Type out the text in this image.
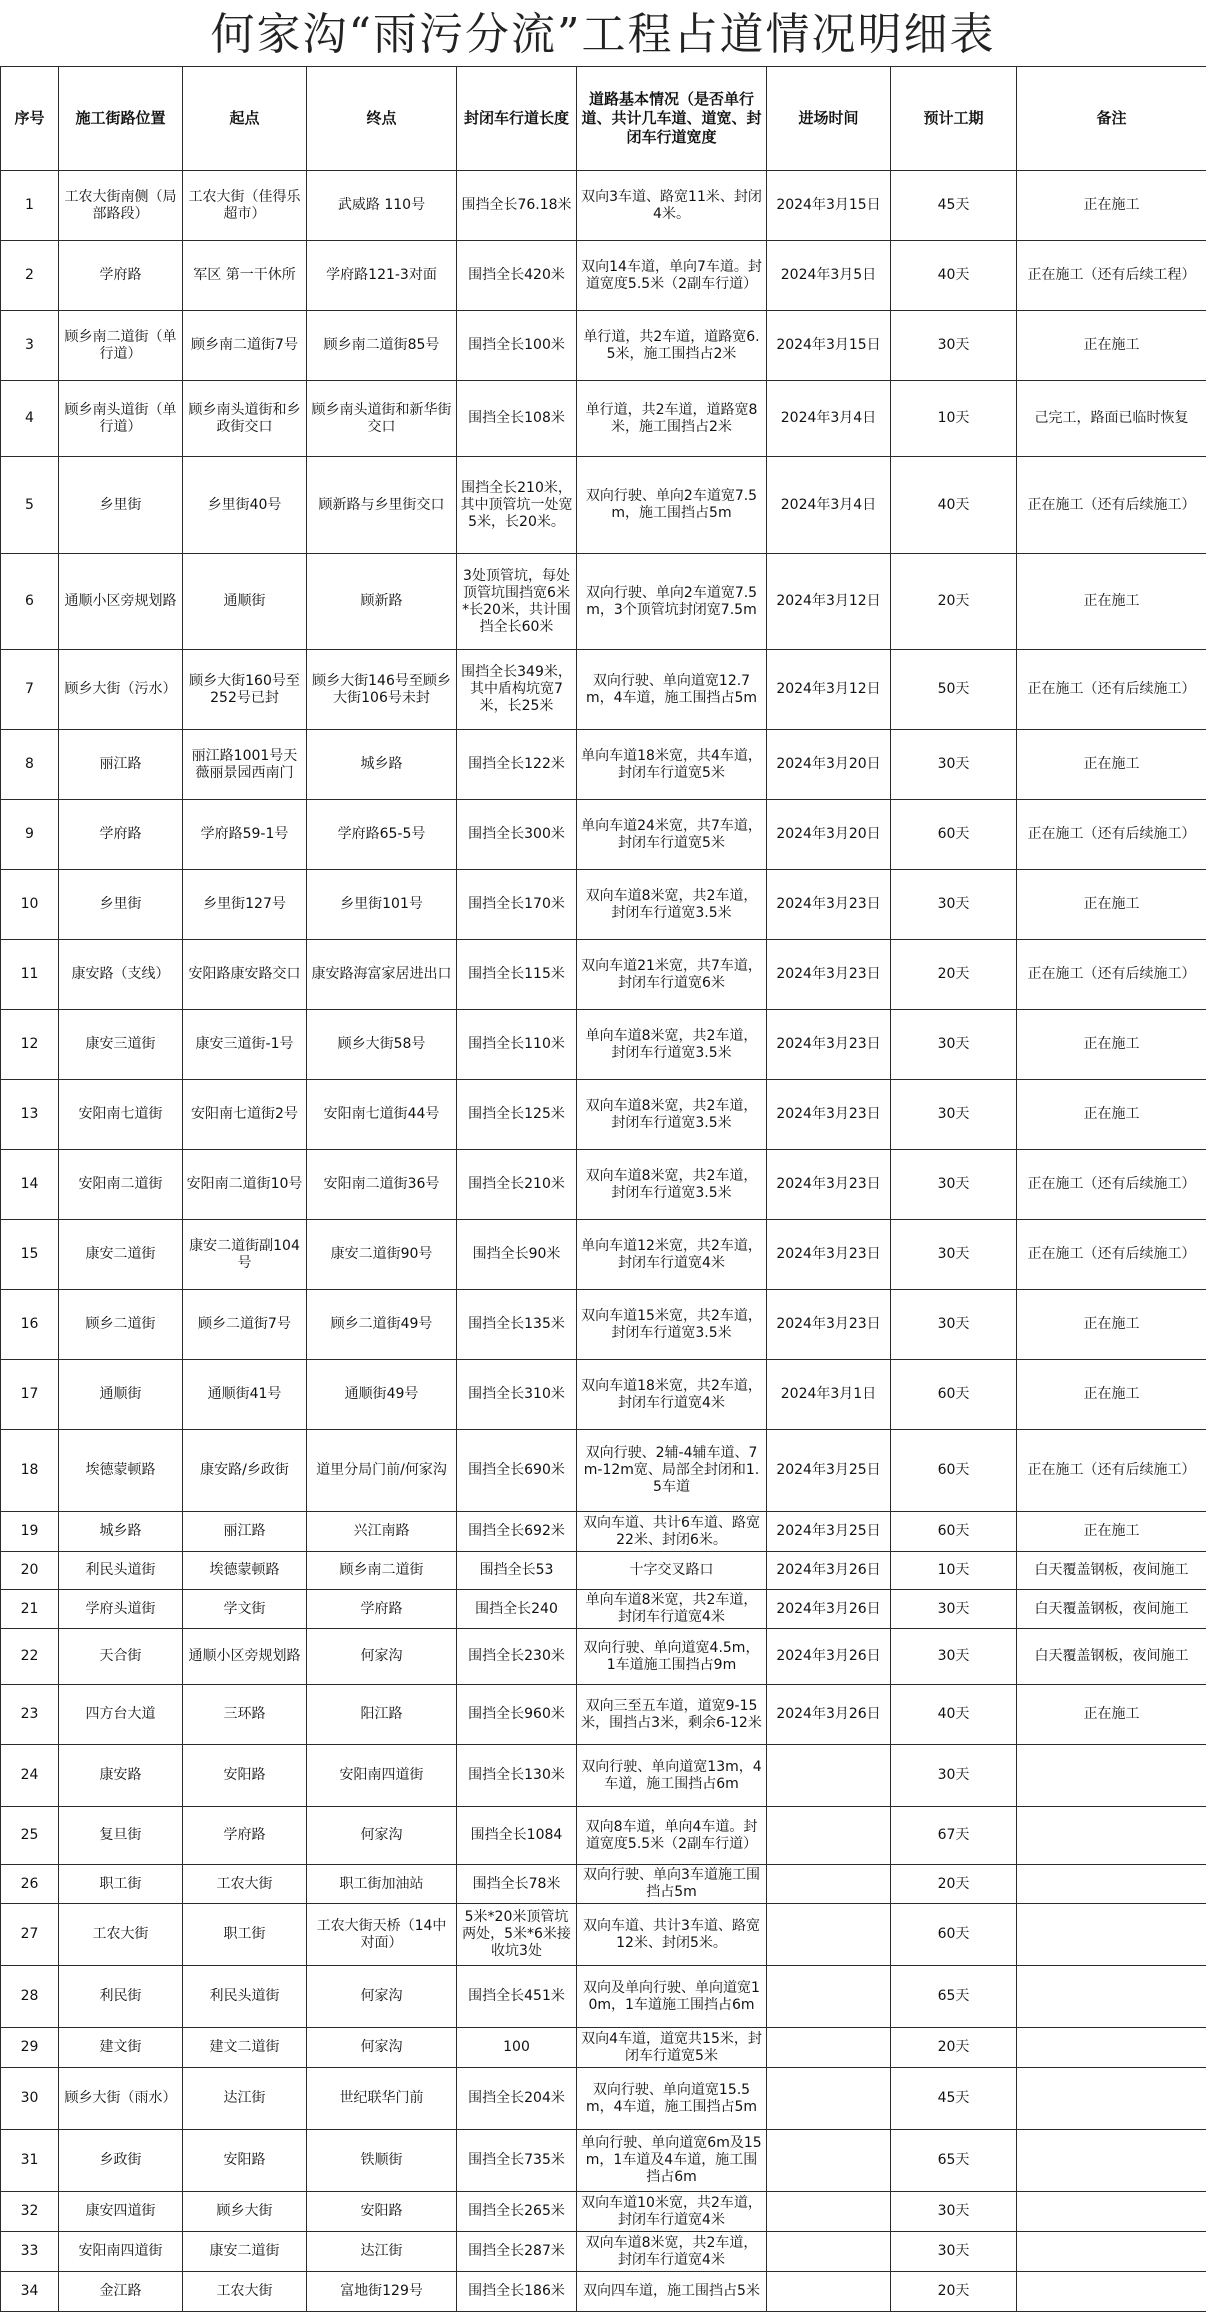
何家沟“雨污分流”工程占道情况明细表
序号	施工街路位置	起点	终点	封闭车行道长度	道路基本情况（是否单行道、共计几车道、道宽、封闭车行道宽度	进场时间	预计工期	备注
1	工农大街南侧（局部路段）	工农大街（佳得乐超市）	武威路 110号	围挡全长76.18米	双向3车道、路宽11米、封闭4米。	2024年3月15日	45天	正在施工
2	学府路	军区 第一干休所	学府路121-3对面	围挡全长420米	双向14车道，单向7车道。封道宽度5.5米（2副车行道）	2024年3月5日	40天	正在施工（还有后续工程）
3	顾乡南二道街（单行道）	顾乡南二道街7号	顾乡南二道街85号	围挡全长100米	单行道，共2车道，道路宽6.5米，施工围挡占2米	2024年3月15日	30天	正在施工
4	顾乡南头道街（单行道）	顾乡南头道街和乡政街交口	顾乡南头道街和新华街交口	围挡全长108米	单行道，共2车道，道路宽8米，施工围挡占2米	2024年3月4日	10天	己完工，路面已临时恢复
5	乡里街	乡里街40号	顾新路与乡里街交口	围挡全长210米，其中顶管坑一处宽5米，长20米。	双向行驶、单向2车道宽7.5m，施工围挡占5m	2024年3月4日	40天	正在施工（还有后续施工）
6	通顺小区旁规划路	通顺街	顾新路	3处顶管坑，每处顶管坑围挡宽6米*长20米，共计围挡全长60米	双向行驶、单向2车道宽7.5m，3个顶管坑封闭宽7.5m	2024年3月12日	20天	正在施工
7	顾乡大街（污水）	顾乡大街160号至252号已封	顾乡大街146号至顾乡大街106号未封	围挡全长349米，其中盾构坑宽7米，长25米	双向行驶、单向道宽12.7m，4车道，施工围挡占5m	2024年3月12日	50天	正在施工（还有后续施工）
8	丽江路	丽江路1001号天薇丽景园西南门	城乡路	围挡全长122米	单向车道18米宽，共4车道，封闭车行道宽5米	2024年3月20日	30天	正在施工
9	学府路	学府路59-1号	学府路65-5号	围挡全长300米	单向车道24米宽，共7车道，封闭车行道宽5米	2024年3月20日	60天	正在施工（还有后续施工）
10	乡里街	乡里街127号	乡里街101号	围挡全长170米	双向车道8米宽，共2车道，封闭车行道宽3.5米	2024年3月23日	30天	正在施工
11	康安路（支线）	安阳路康安路交口	康安路海富家居进出口	围挡全长115米	双向车道21米宽，共7车道，封闭车行道宽6米	2024年3月23日	20天	正在施工（还有后续施工）
12	康安三道街	康安三道街-1号	顾乡大街58号	围挡全长110米	单向车道8米宽，共2车道，封闭车行道宽3.5米	2024年3月23日	30天	正在施工
13	安阳南七道街	安阳南七道街2号	安阳南七道街44号	围挡全长125米	双向车道8米宽，共2车道，封闭车行道宽3.5米	2024年3月23日	30天	正在施工
14	安阳南二道街	安阳南二道街10号	安阳南二道街36号	围挡全长210米	双向车道8米宽，共2车道，封闭车行道宽3.5米	2024年3月23日	30天	正在施工（还有后续施工）
15	康安二道街	康安二道街副104号	康安二道街90号	围挡全长90米	单向车道12米宽，共2车道，封闭车行道宽4米	2024年3月23日	30天	正在施工（还有后续施工）
16	顾乡二道街	顾乡二道街7号	顾乡二道街49号	围挡全长135米	双向车道15米宽，共2车道，封闭车行道宽3.5米	2024年3月23日	30天	正在施工
17	通顺街	通顺街41号	通顺街49号	围挡全长310米	双向车道18米宽，共2车道，封闭车行道宽4米	2024年3月1日	60天	正在施工
18	埃德蒙顿路	康安路/乡政街	道里分局门前/何家沟	围挡全长690米	双向行驶、2辅-4辅车道、7m-12m宽、局部全封闭和1.5车道	2024年3月25日	60天	正在施工（还有后续施工）
19	城乡路	丽江路	兴江南路	围挡全长692米	双向车道、共计6车道、路宽22米、封闭6米。	2024年3月25日	60天	正在施工
20	利民头道街	埃德蒙顿路	顾乡南二道街	围挡全长53	十字交叉路口	2024年3月26日	10天	白天覆盖钢板，夜间施工
21	学府头道街	学文街	学府路	围挡全长240	单向车道8米宽，共2车道，封闭车行道宽4米	2024年3月26日	30天	白天覆盖钢板，夜间施工
22	天合街	通顺小区旁规划路	何家沟	围挡全长230米	双向行驶、单向道宽4.5m，1车道施工围挡占9m	2024年3月26日	30天	白天覆盖钢板，夜间施工
23	四方台大道	三环路	阳江路	围挡全长960米	双向三至五车道，道宽9-15米，围挡占3米，剩余6-12米	2024年3月26日	40天	正在施工
24	康安路	安阳路	安阳南四道街	围挡全长130米	双向行驶、单向道宽13m，4车道，施工围挡占6m		30天	
25	复旦街	学府路	何家沟	围挡全长1084	双向8车道，单向4车道。封道宽度5.5米（2副车行道）		67天	
26	职工街	工农大街	职工街加油站	围挡全长78米	双向行驶、单向3车道施工围挡占5m		20天	
27	工农大街	职工街	工农大街天桥（14中对面）	5米*20米顶管坑两处，5米*6米接收坑3处	双向车道、共计3车道、路宽12米、封闭5米。		60天	
28	利民街	利民头道街	何家沟	围挡全长451米	双向及单向行驶、单向道宽10m，1车道施工围挡占6m		65天	
29	建文街	建文二道街	何家沟	100	双向4车道，道宽共15米，封闭车行道宽5米		20天	
30	顾乡大街（雨水）	达江街	世纪联华门前	围挡全长204米	双向行驶、单向道宽15.5m，4车道，施工围挡占5m		45天	
31	乡政街	安阳路	铁顺街	围挡全长735米	单向行驶、单向道宽6m及15m，1车道及4车道，施工围挡占6m		65天	
32	康安四道街	顾乡大街	安阳路	围挡全长265米	双向车道10米宽，共2车道，封闭车行道宽4米		30天	
33	安阳南四道街	康安二道街	达江街	围挡全长287米	双向车道8米宽，共2车道，封闭车行道宽4米		30天	
34	金江路	工农大街	富地街129号	围挡全长186米	双向四车道，施工围挡占5米		20天	
